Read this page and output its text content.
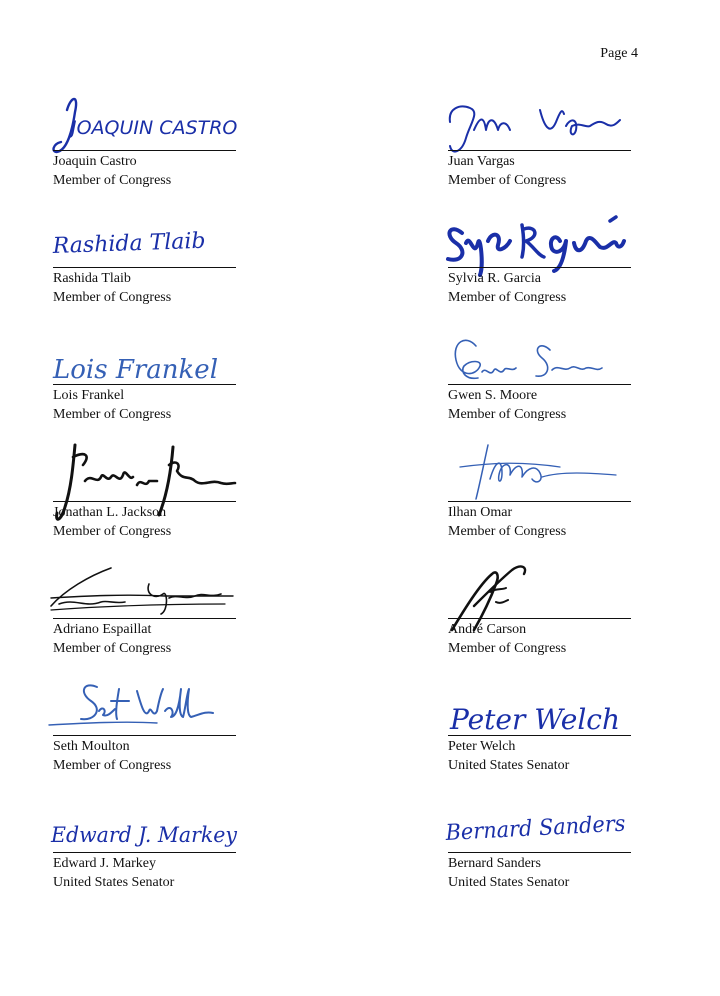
Page 4
JOAQUIN CASTRO
Joaquin Castro
Member of Congress
Juan Vargas
Member of Congress
Rashida Tlaib
Rashida Tlaib
Member of Congress
Sylvia R. Garcia
Member of Congress
Lois Frankel
Lois Frankel
Member of Congress
Gwen S. Moore
Member of Congress
Jonathan L. Jackson
Member of Congress
Ilhan Omar
Member of Congress
Adriano Espaillat
Member of Congress
André Carson
Member of Congress
Seth Moulton
Member of Congress
Peter Welch
Peter Welch
United States Senator
Edward J. Markey
Edward J. Markey
United States Senator
Bernard Sanders
Bernard Sanders
United States Senator
